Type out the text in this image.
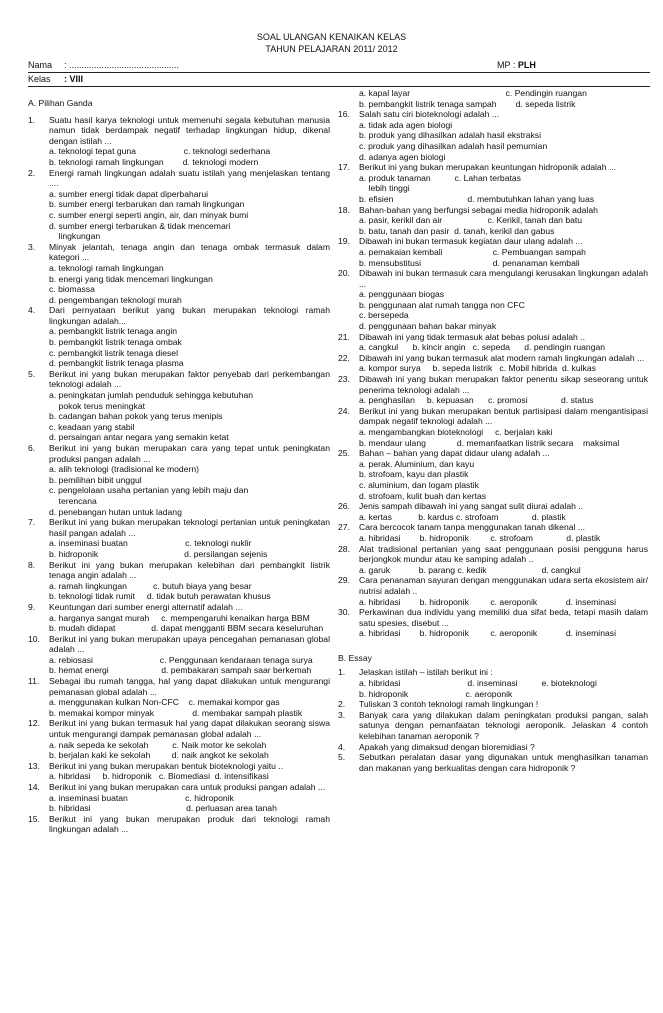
SOAL ULANGAN KENAIKAN KELAS
TAHUN PELAJARAN 2011/ 2012
Nama : ............................................	MP : PLH
Kelas : VIII
A. Pilihan Ganda
1.	Suatu hasil karya teknologi untuk memenuhi segala kebutuhan manusia namun tidak berdampak negatif terhadap lingkungan hidup, dikenal dengan istilah ...
a. teknologi tepat guna                    c. teknologi sederhana
b. teknologi ramah lingkungan        d. teknologi modern
2.	Energi ramah lingkungan adalah suatu istilah yang menjelaskan tentang ....
a. sumber energi tidak dapat diperbaharui
b. sumber energi terbarukan dan ramah lingkungan
c. sumber energi seperti angin, air, dan minyak bumi
d. sumber energi terbarukan & tidak mencemari
lingkungan
3.	Minyak jelantah, tenaga angin dan tenaga ombak termasuk dalam kategori ...
a. teknologi ramah lingkungan
b. energi yang tidak mencemari lingkungan
c. biomassa
d. pengembangan teknologi murah
4.	Dari pernyataan berikut yang bukan merupakan teknologi ramah lingkungan adalah...
a. pembangkit listrik tenaga angin
b. pembangkit listrik tenaga ombak
c. pembangkit listrik tenaga diesel
d. pembangkit listrik tenaga plasma
5.	Berikut ini yang bukan merupakan faktor penyebab dari perkembangan teknologi adalah ...
a. peningkatan jumlah penduduk sehingga kebutuhan
pokok terus meningkat
b. cadangan bahan pokok yang terus menipis
c. keadaan yang stabil
d. persaingan antar negara yang semakin ketat
6.	Berikut ini yang bukan merupakan cara yang tepat untuk peningkatan produksi pangan adalah ...
a. alih teknologi (tradisional ke modern)
b. pemilihan bibit unggul
c. pengelolaan usaha pertanian yang lebih maju dan
terencana
d. penebangan hutan untuk ladang
7.	Berikut ini yang bukan merupakan teknologi pertanian untuk peningkatan hasil pangan adalah ...
a. inseminasi buatan                        c. teknologi nuklir
b. hidroponik                                    d. persilangan sejenis
8.	Berikut ini yang bukan merupakan kelebihan dari pembangkit listrik tenaga angin adalah ...
a. ramah lingkungan           c. butuh biaya yang besar
b. teknologi tidak rumit     d. tidak butuh perawatan khusus
9.	Keuntungan dari sumber energi alternatif adalah ...
a. harganya sangat murah     c. mempengaruhi kenaikan harga BBM
b. mudah didapat               d. dapat mengganti BBM secara keseluruhan
10.	Berikut ini yang bukan merupakan upaya pencegahan pemanasan global adalah ...
a. rebiosasi                            c. Penggunaan kendaraan tenaga surya
b. hemat energi                      d. pembakaran sampah saar berkemah
11.	Sebagai ibu rumah tangga, hal yang dapat dilakukan untuk mengurangi pemanasan global adalah ...
a. menggunakan kulkan Non-CFC    c. memakai kompor gas
b. memakai kompor minyak                d. membakar sampah plastik
12.	Berikut ini yang bukan termasuk hal yang dapat dilakukan seorang siswa untuk mengurangi dampak pemanasan global adalah ...
a. naik sepeda ke sekolah          c. Naik motor ke sekolah
b. berjalan kaki ke sekolah         d. naik angkot ke sekolah
13.	Berikut ini yang bukan merupakan bentuk bioteknologi yaitu ..
a. hibridasi     b. hidroponik   c. Biomediasi  d. intensifikasi
14.	Berikut ini yang bukan merupakan cara untuk produksi pangan adalah ...
a. inseminasi buatan                        c. hidroponik
b. hibridasi                                        d. perluasan area tanah
15.	Berikut ini yang bukan merupakan produk dari teknologi ramah lingkungan adalah ...
a. kapal layar                                        c. Pendingin ruangan
b. pembangkit listrik tenaga sampah        d. sepeda listrik
16.	Salah satu ciri bioteknologi adalah ...
a. tidak ada agen biologi
b. produk yang dihasilkan adalah hasil ekstraksi
c. produk yang dihasilkan adalah hasil pemurnian
d. adanya agen biologi
17.	Berikut ini yang bukan merupakan keuntungan hidroponik adalah ...
a. produk tanaman          c. Lahan terbatas
lebih tinggi
b. efisien                               d. membutuhkan lahan yang luas
18.	Bahan-bahan yang berfungsi sebagai media hidroponik adalah
a. pasir, kerikil dan air                   c. Kerikil, tanah dan batu
b. batu, tanah dan pasir  d. tanah, kerikil dan gabus
19.	Dibawah ini bukan termasuk kegiatan daur ulang adalah ...
a. pemakaian kembali                     c. Pembuangan sampah
b. mensubstitusi                              d. penanaman kembali
20.	Dibawah ini bukan termasuk cara mengulangi kerusakan lingkungan adalah ...
a. penggunaan biogas
b. penggunaan alat rumah tangga non CFC
c. bersepeda
d. penggunaan bahan bakar minyak
21.	Dibawah ini yang tidak termasuk alat bebas polusi adalah ..
a. cangkul      b. kincir angin   c. sepeda      d. pendingin ruangan
22.	Dibawah ini yang bukan termasuk alat modern ramah lingkungan adalah ...
a. kompor surya     b. sepeda listrik   c. Mobil hibrida  d. kulkas
23.	Dibawah ini yang bukan merupakan faktor penentu sikap seseorang untuk penerima teknologi adalah ...
a. penghasilan     b. kepuasan      c. promosi              d. status
24.	Berikut ini yang bukan merupakan bentuk partisipasi dalam mengantisipasi dampak negatif teknologi adalah ...
a. mengambangkan bioteknologi     c. berjalan kaki
b. mendaur ulang             d. memanfaatkan listrik secara    maksimal
25.	Bahan – bahan yang dapat didaur ulang adalah ...
a. perak. Aluminium, dan kayu
b. strofoam, kayu dan plastik
c. aluminium, dan logam plastik
d. strofoam, kulit buah dan kertas
26.	Jenis sampah dibawah ini yang sangat sulit diurai adalah ..
a. kertas           b. kardus c. strofoam              d. plastik
27.	Cara bercocok tanam tanpa menggunakan tanah dikenal ...
a. hibridasi        b. hidroponik         c. strofoam              d. plastik
28.	Alat tradisional pertanian yang saat penggunaan posisi pengguna harus berjongkok mundur atau ke samping adalah ..
a. garuk            b. parang c. kedik                       d. cangkul
29.	Cara penanaman sayuran dengan menggunakan udara serta ekosistem air/ nutrisi adalah ..
a. hibridasi        b. hidroponik         c. aeroponik            d. inseminasi
30.	Perkawinan dua individu yang memiliki dua sifat beda, tetapi masih dalam satu spesies, disebut ...
a. hibridasi        b. hidroponik         c. aeroponik            d. inseminasi
B. Essay
1.	Jelaskan istilah – istilah berikut ini :
a. hibridasi                            d. inseminasi          e. bioteknologi
b. hidroponik                        c. aeroponik
2.	Tuliskan 3 contoh teknologi ramah lingkungan !
3.	Banyak cara yang dilakukan dalam peningkatan produksi pangan, salah satunya dengan pemanfaatan teknologi aeroponik. Jelaskan 4 contoh kelebihan tanaman aeroponik ?
4.	Apakah yang dimaksud dengan bioremidiasi ?
5.	Sebutkan peralatan dasar yang digunakan untuk menghasilkan tanaman dan makanan yang berkualitas dengan cara hidroponik ?
